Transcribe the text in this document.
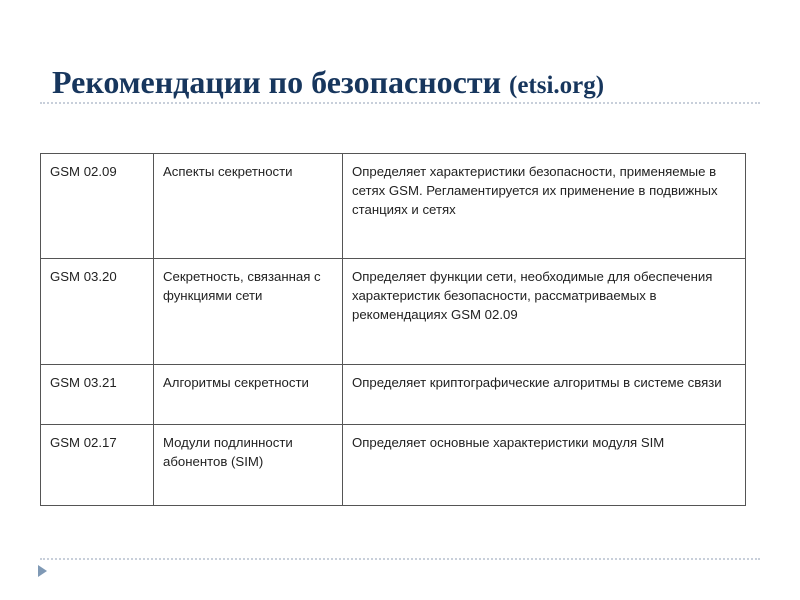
Рекомендации по безопасности (etsi.org)
GSM 02.09	Аспекты секретности	Определяет характеристики безопасности, применяемые в сетях GSM. Регламентируется их применение в подвижных станциях и сетях
GSM 03.20	Секретность, связанная с функциями сети	Определяет функции сети, необходимые для обеспечения характеристик безопасности, рассматриваемых в рекомендациях GSM 02.09
GSM 03.21	Алгоритмы секретности	Определяет криптографические алгоритмы в системе связи
GSM 02.17	Модули подлинности абонентов (SIM)	Определяет основные характеристики модуля SIM
